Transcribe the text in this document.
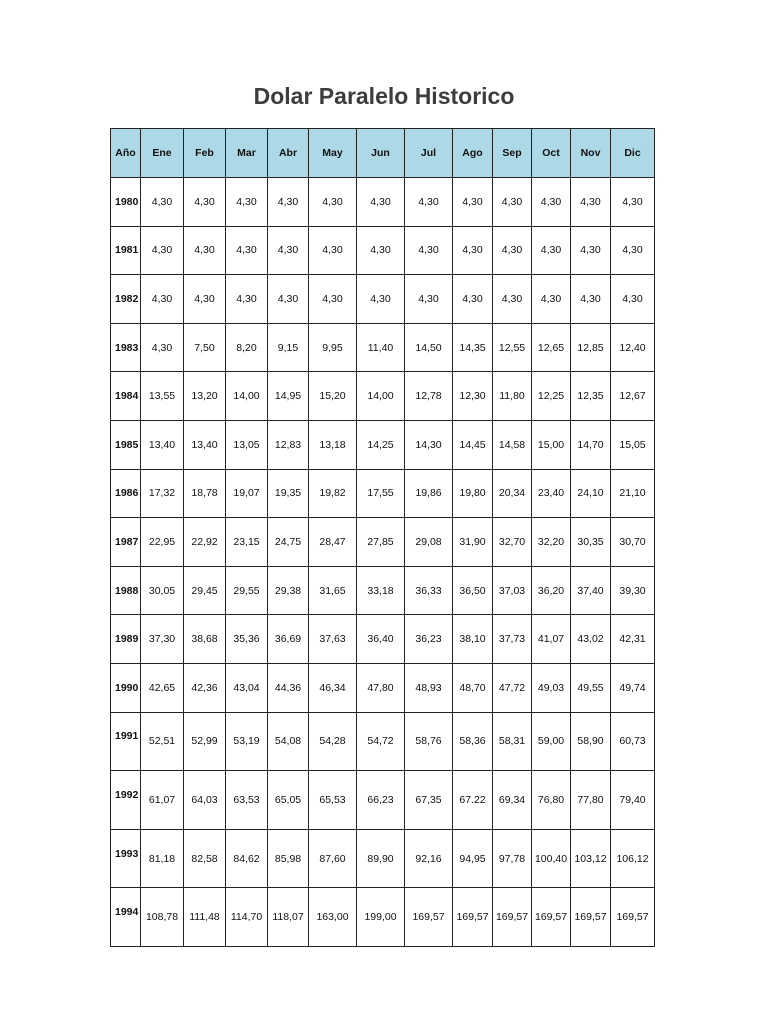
Dolar Paralelo Historico
Año	Ene	Feb	Mar	Abr	May	Jun	Jul	Ago	Sep	Oct	Nov	Dic
1980	4,30	4,30	4,30	4,30	4,30	4,30	4,30	4,30	4,30	4,30	4,30	4,30
1981	4,30	4,30	4,30	4,30	4,30	4,30	4,30	4,30	4,30	4,30	4,30	4,30
1982	4,30	4,30	4,30	4,30	4,30	4,30	4,30	4,30	4,30	4,30	4,30	4,30
1983	4,30	7,50	8,20	9,15	9,95	11,40	14,50	14,35	12,55	12,65	12,85	12,40
1984	13,55	13,20	14,00	14,95	15,20	14,00	12,78	12,30	11,80	12,25	12,35	12,67
1985	13,40	13,40	13,05	12,83	13,18	14,25	14,30	14,45	14,58	15,00	14,70	15,05
1986	17,32	18,78	19,07	19,35	19,82	17,55	19,86	19,80	20,34	23,40	24,10	21,10
1987	22,95	22,92	23,15	24,75	28,47	27,85	29,08	31,90	32,70	32,20	30,35	30,70
1988	30,05	29,45	29,55	29,38	31,65	33,18	36,33	36,50	37,03	36,20	37,40	39,30
1989	37,30	38,68	35,36	36,69	37,63	36,40	36,23	38,10	37,73	41,07	43,02	42,31
1990	42,65	42,36	43,04	44,36	46,34	47,80	48,93	48,70	47,72	49,03	49,55	49,74
1991	52,51	52,99	53,19	54,08	54,28	54,72	58,76	58,36	58,31	59,00	58,90	60,73
1992	61,07	64,03	63,53	65,05	65,53	66,23	67,35	67.22	69,34	76,80	77,80	79,40
1993	81,18	82,58	84,62	85,98	87,60	89,90	92,16	94,95	97,78	100,40	103,12	106,12
1994	108,78	111,48	114,70	118,07	163,00	199,00	169,57	169,57	169,57	169,57	169,57	169,57
